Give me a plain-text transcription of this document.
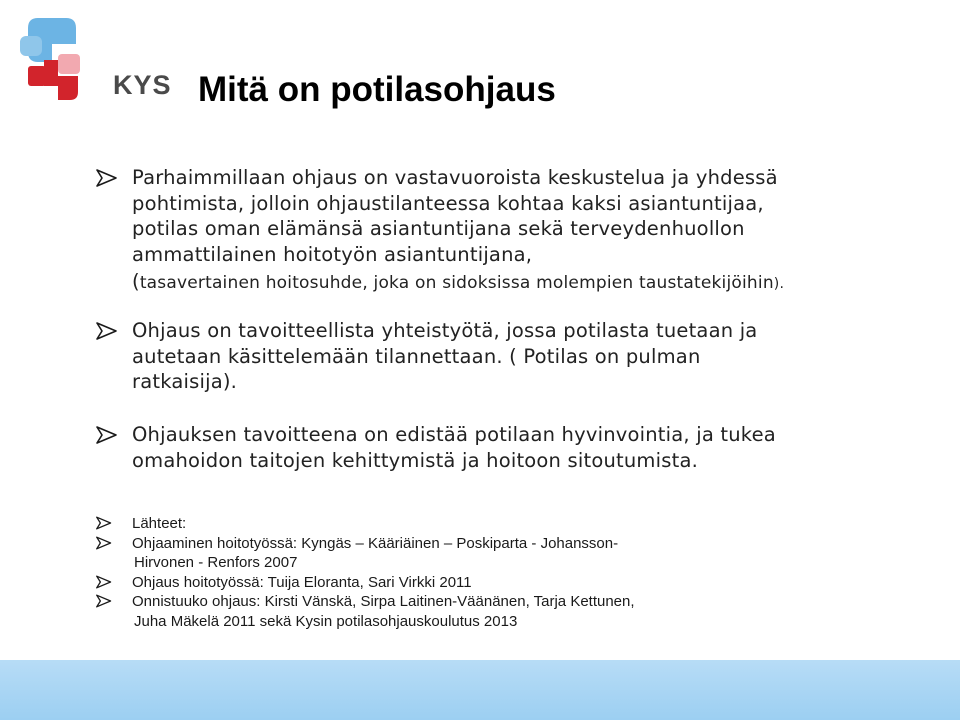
KYS Mitä on potilasohjaus
Parhaimmillaan ohjaus on vastavuoroista keskustelua ja yhdessä
pohtimista, jolloin ohjaustilanteessa kohtaa kaksi asiantuntijaa,
potilas oman elämänsä asiantuntijana sekä terveydenhuollon
ammattilainen hoitotyön asiantuntijana,
(tasavertainen hoitosuhde, joka on sidoksissa molempien taustatekijöihin).
Ohjaus on tavoitteellista yhteistyötä, jossa potilasta tuetaan ja
autetaan käsittelemään tilannettaan. ( Potilas on pulman
ratkaisija).
Ohjauksen tavoitteena on edistää potilaan hyvinvointia, ja tukea
omahoidon taitojen kehittymistä ja hoitoon sitoutumista.
Lähteet:
Ohjaaminen hoitotyössä: Kyngäs – Kääriäinen – Poskiparta - Johansson-
Hirvonen - Renfors 2007
Ohjaus hoitotyössä: Tuija Eloranta, Sari Virkki 2011
Onnistuuko ohjaus: Kirsti Vänskä, Sirpa Laitinen-Väänänen, Tarja Kettunen,
Juha Mäkelä 2011 sekä Kysin potilasohjauskoulutus 2013
